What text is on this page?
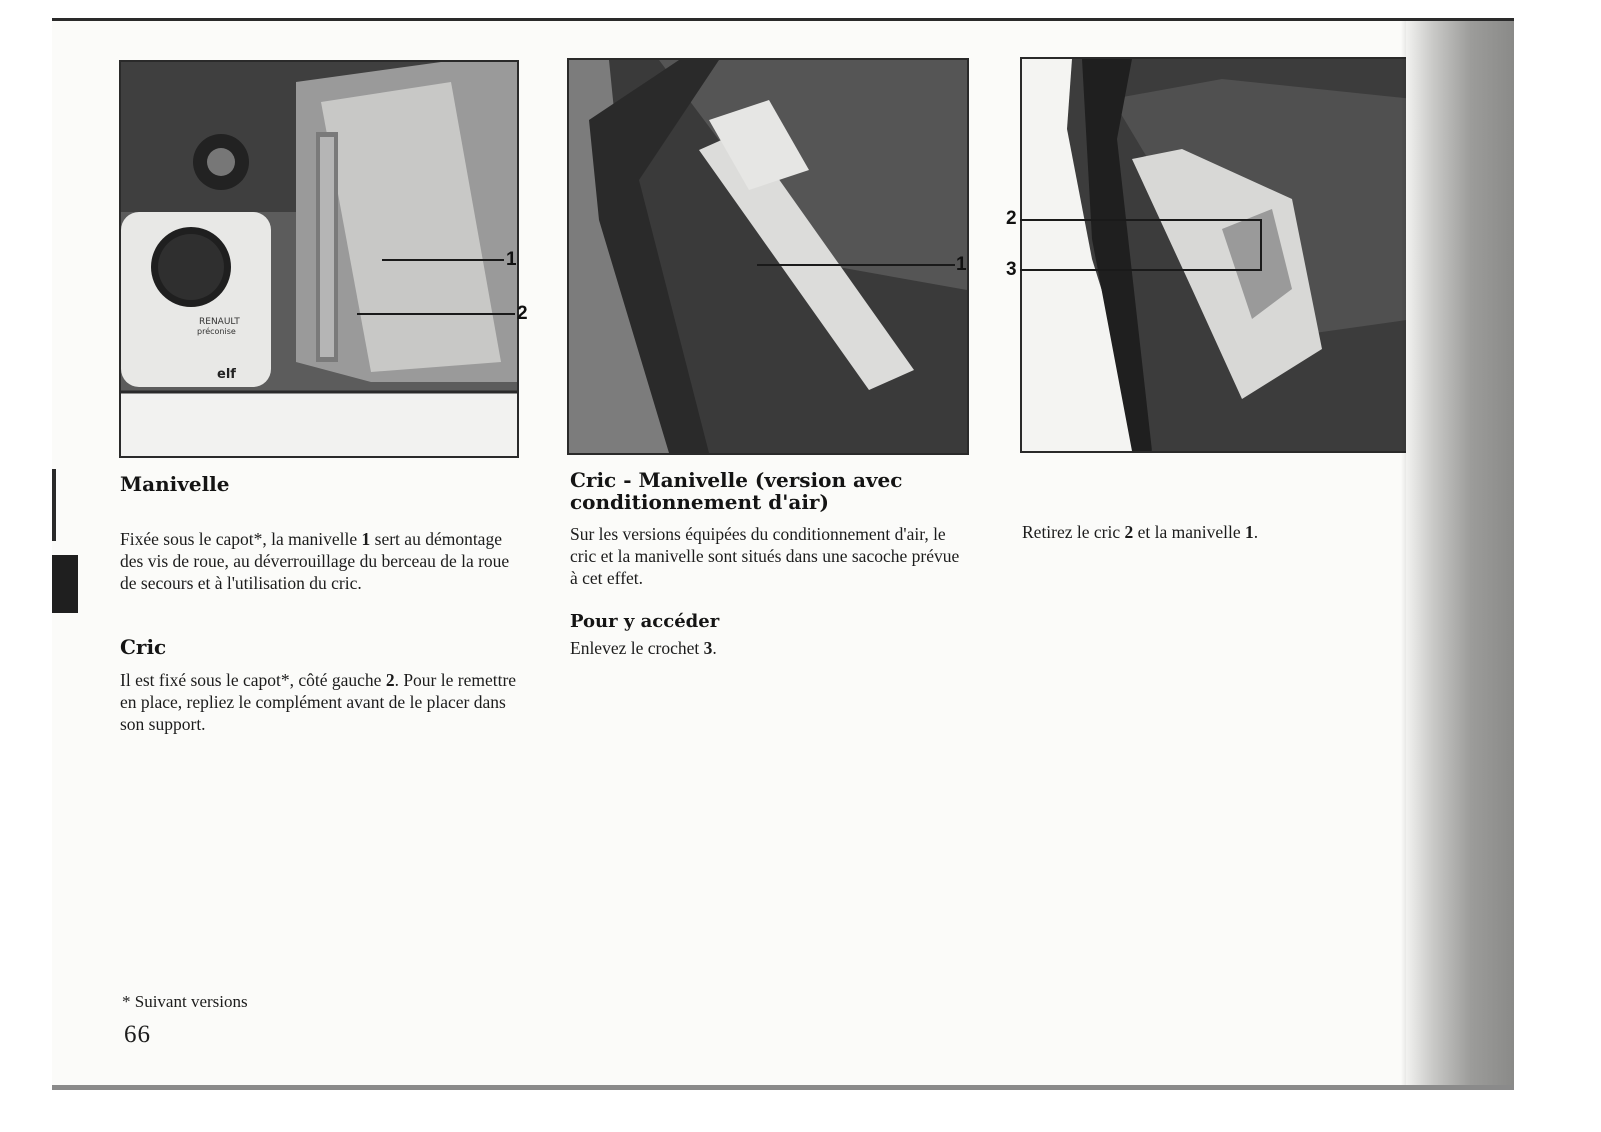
RENAULT
préconise
elf
1
2
1
2
3
Manivelle

Fixée sous le capot*, la manivelle 1 sert au démontage des vis de roue, au déverrouillage du berceau de la roue de secours et à l'utilisation du cric.

Cric

Il est fixé sous le capot*, côté gauche 2. Pour le remettre en place, repliez le complément avant de le placer dans son support.

Cric - Manivelle (version avec conditionnement d'air)

Sur les versions équipées du conditionnement d'air, le cric et la manivelle sont situés dans une sacoche prévue à cet effet.

Pour y accéder

Enlevez le crochet 3.

Retirez le cric 2 et la manivelle 1.

* Suivant versions
66
